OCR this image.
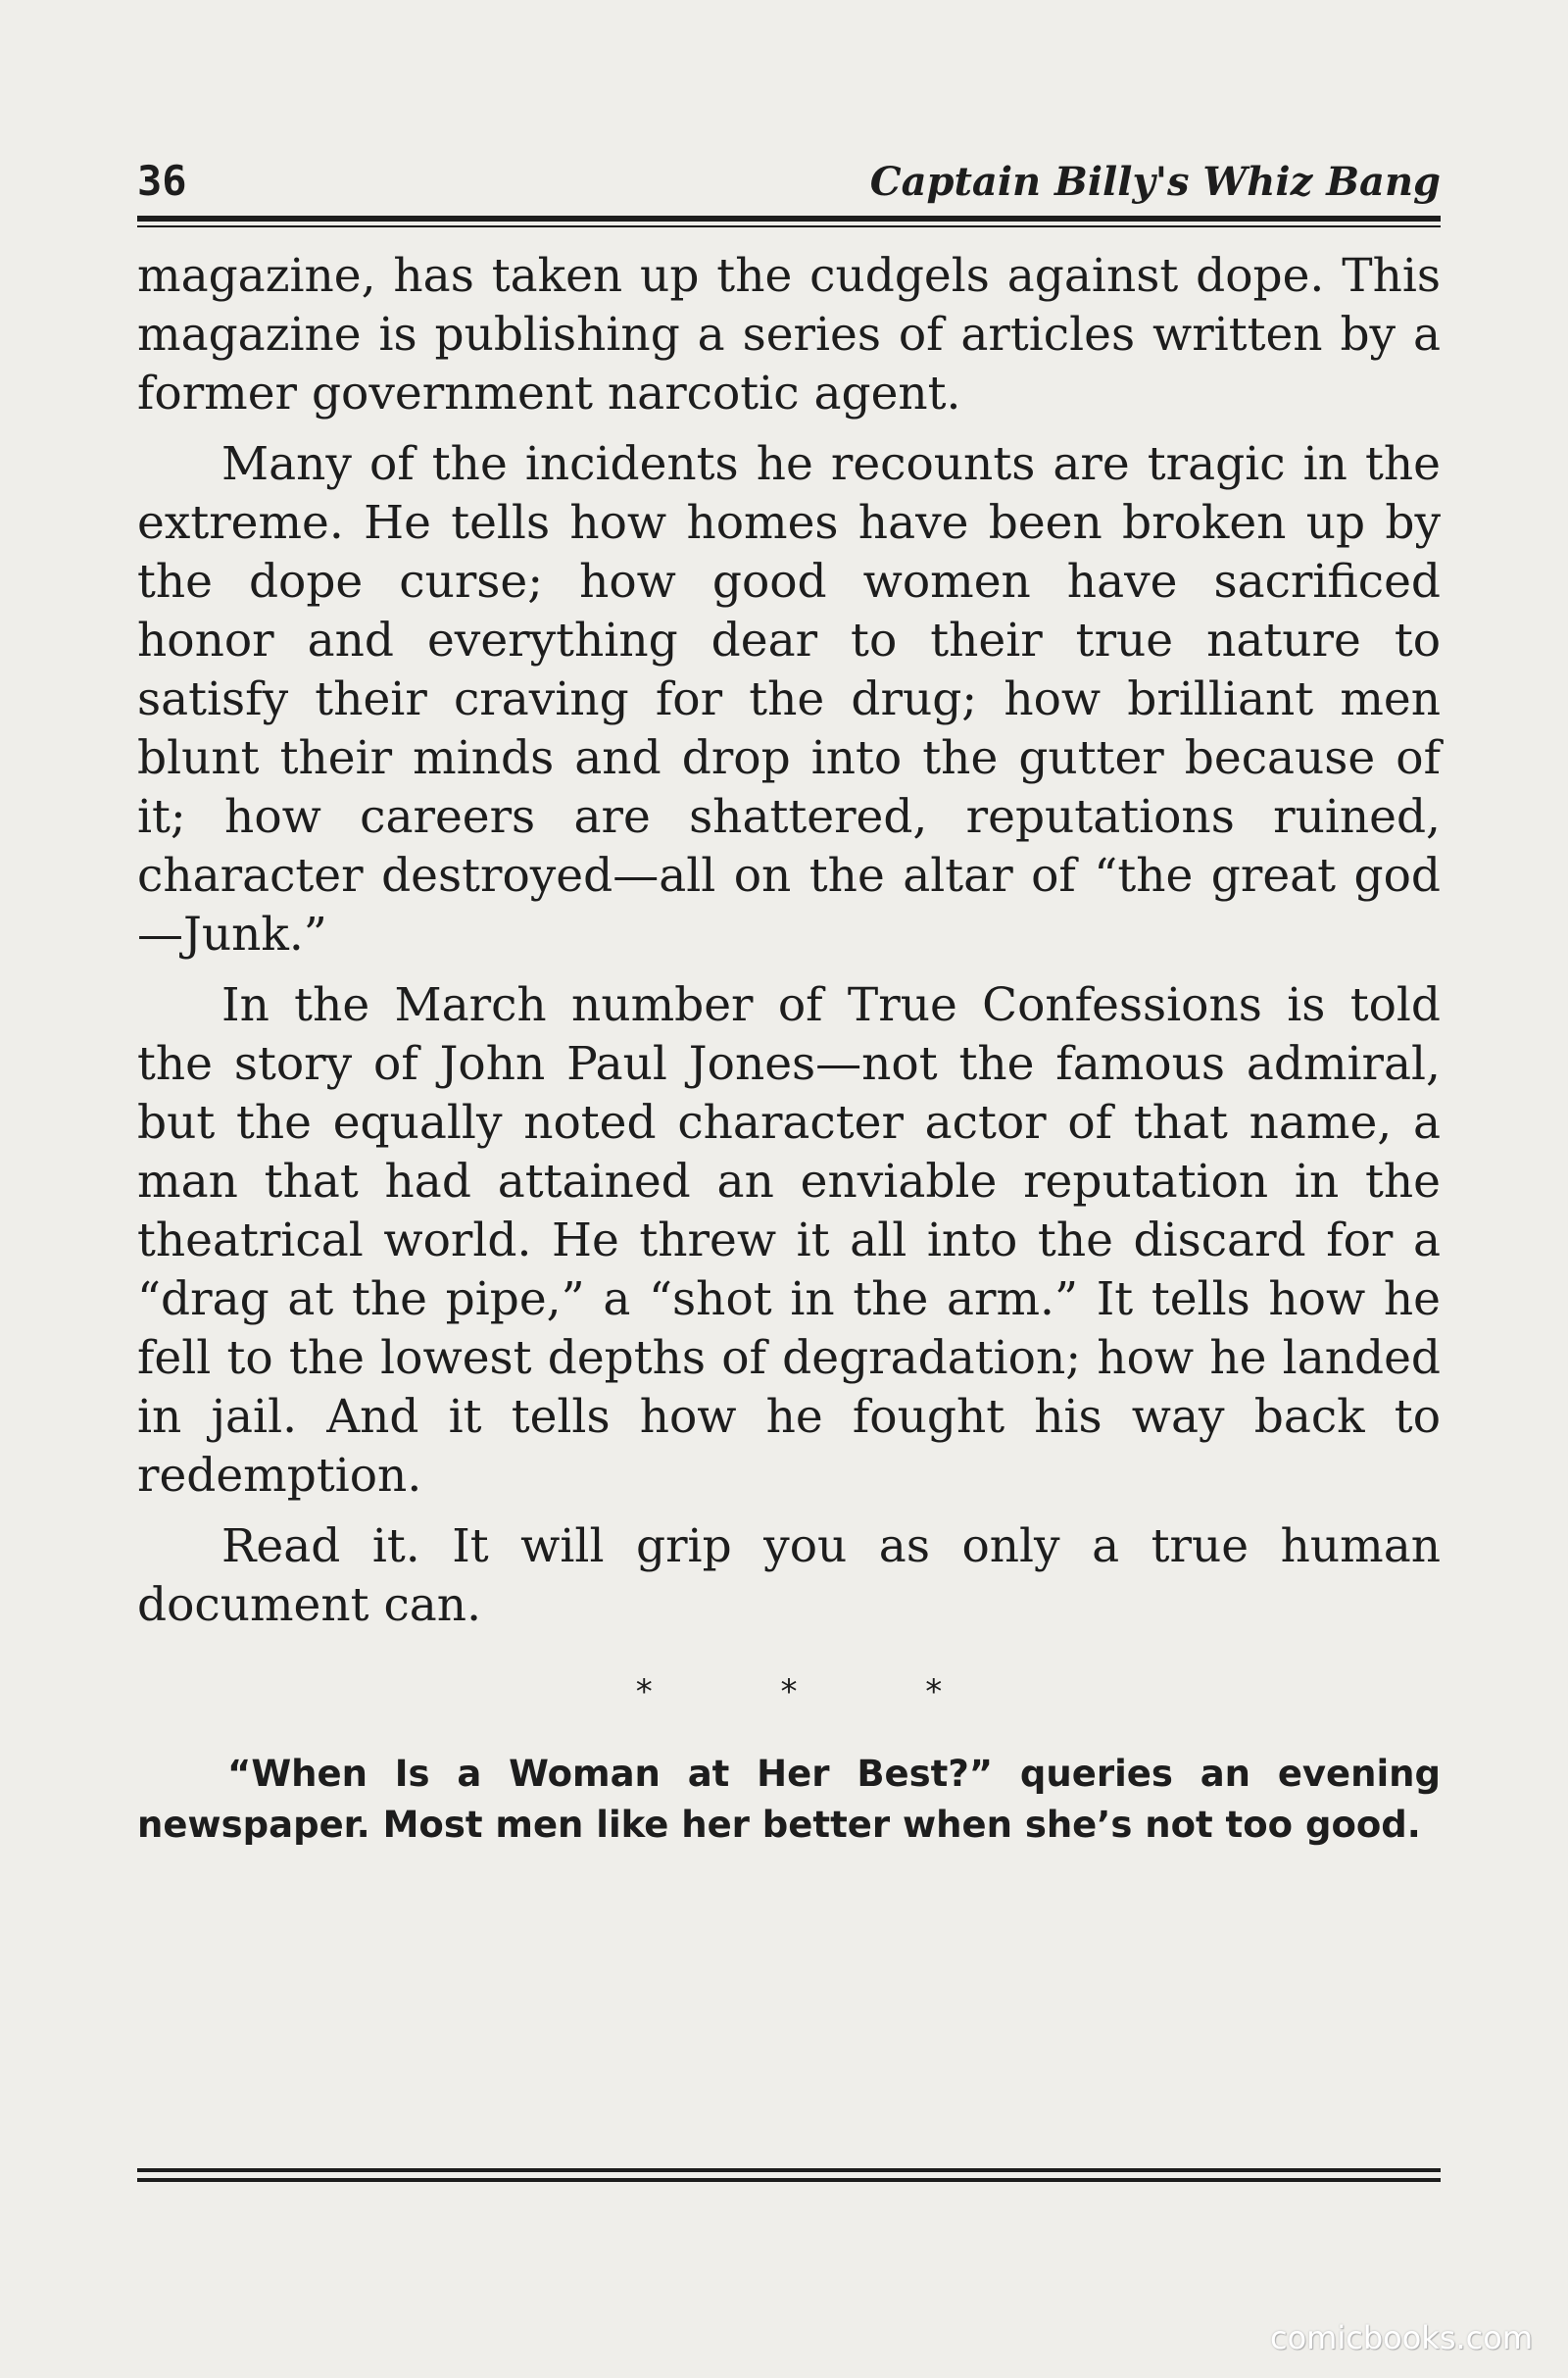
36	Captain Billy's Whiz Bang

magazine, has taken up the cudgels against dope. This magazine is publishing a series of articles written by a former government narcotic agent.

Many of the incidents he recounts are tragic in the extreme. He tells how homes have been broken up by the dope curse; how good women have sacrificed honor and everything dear to their true nature to satisfy their craving for the drug; how brilliant men blunt their minds and drop into the gutter because of it; how careers are shattered, reputations ruined, character destroyed—all on the altar of “the great god—Junk.”

In the March number of True Confessions is told the story of John Paul Jones—not the famous admiral, but the equally noted character actor of that name, a man that had attained an enviable reputation in the theatrical world. He threw it all into the discard for a “drag at the pipe,” a “shot in the arm.” It tells how he fell to the lowest depths of degradation; how he landed in jail. And it tells how he fought his way back to redemption.

Read it. It will grip you as only a true human document can.

* * *
“When Is a Woman at Her Best?” queries an evening newspaper. Most men like her better when she’s not too good.
comicbooks.com
